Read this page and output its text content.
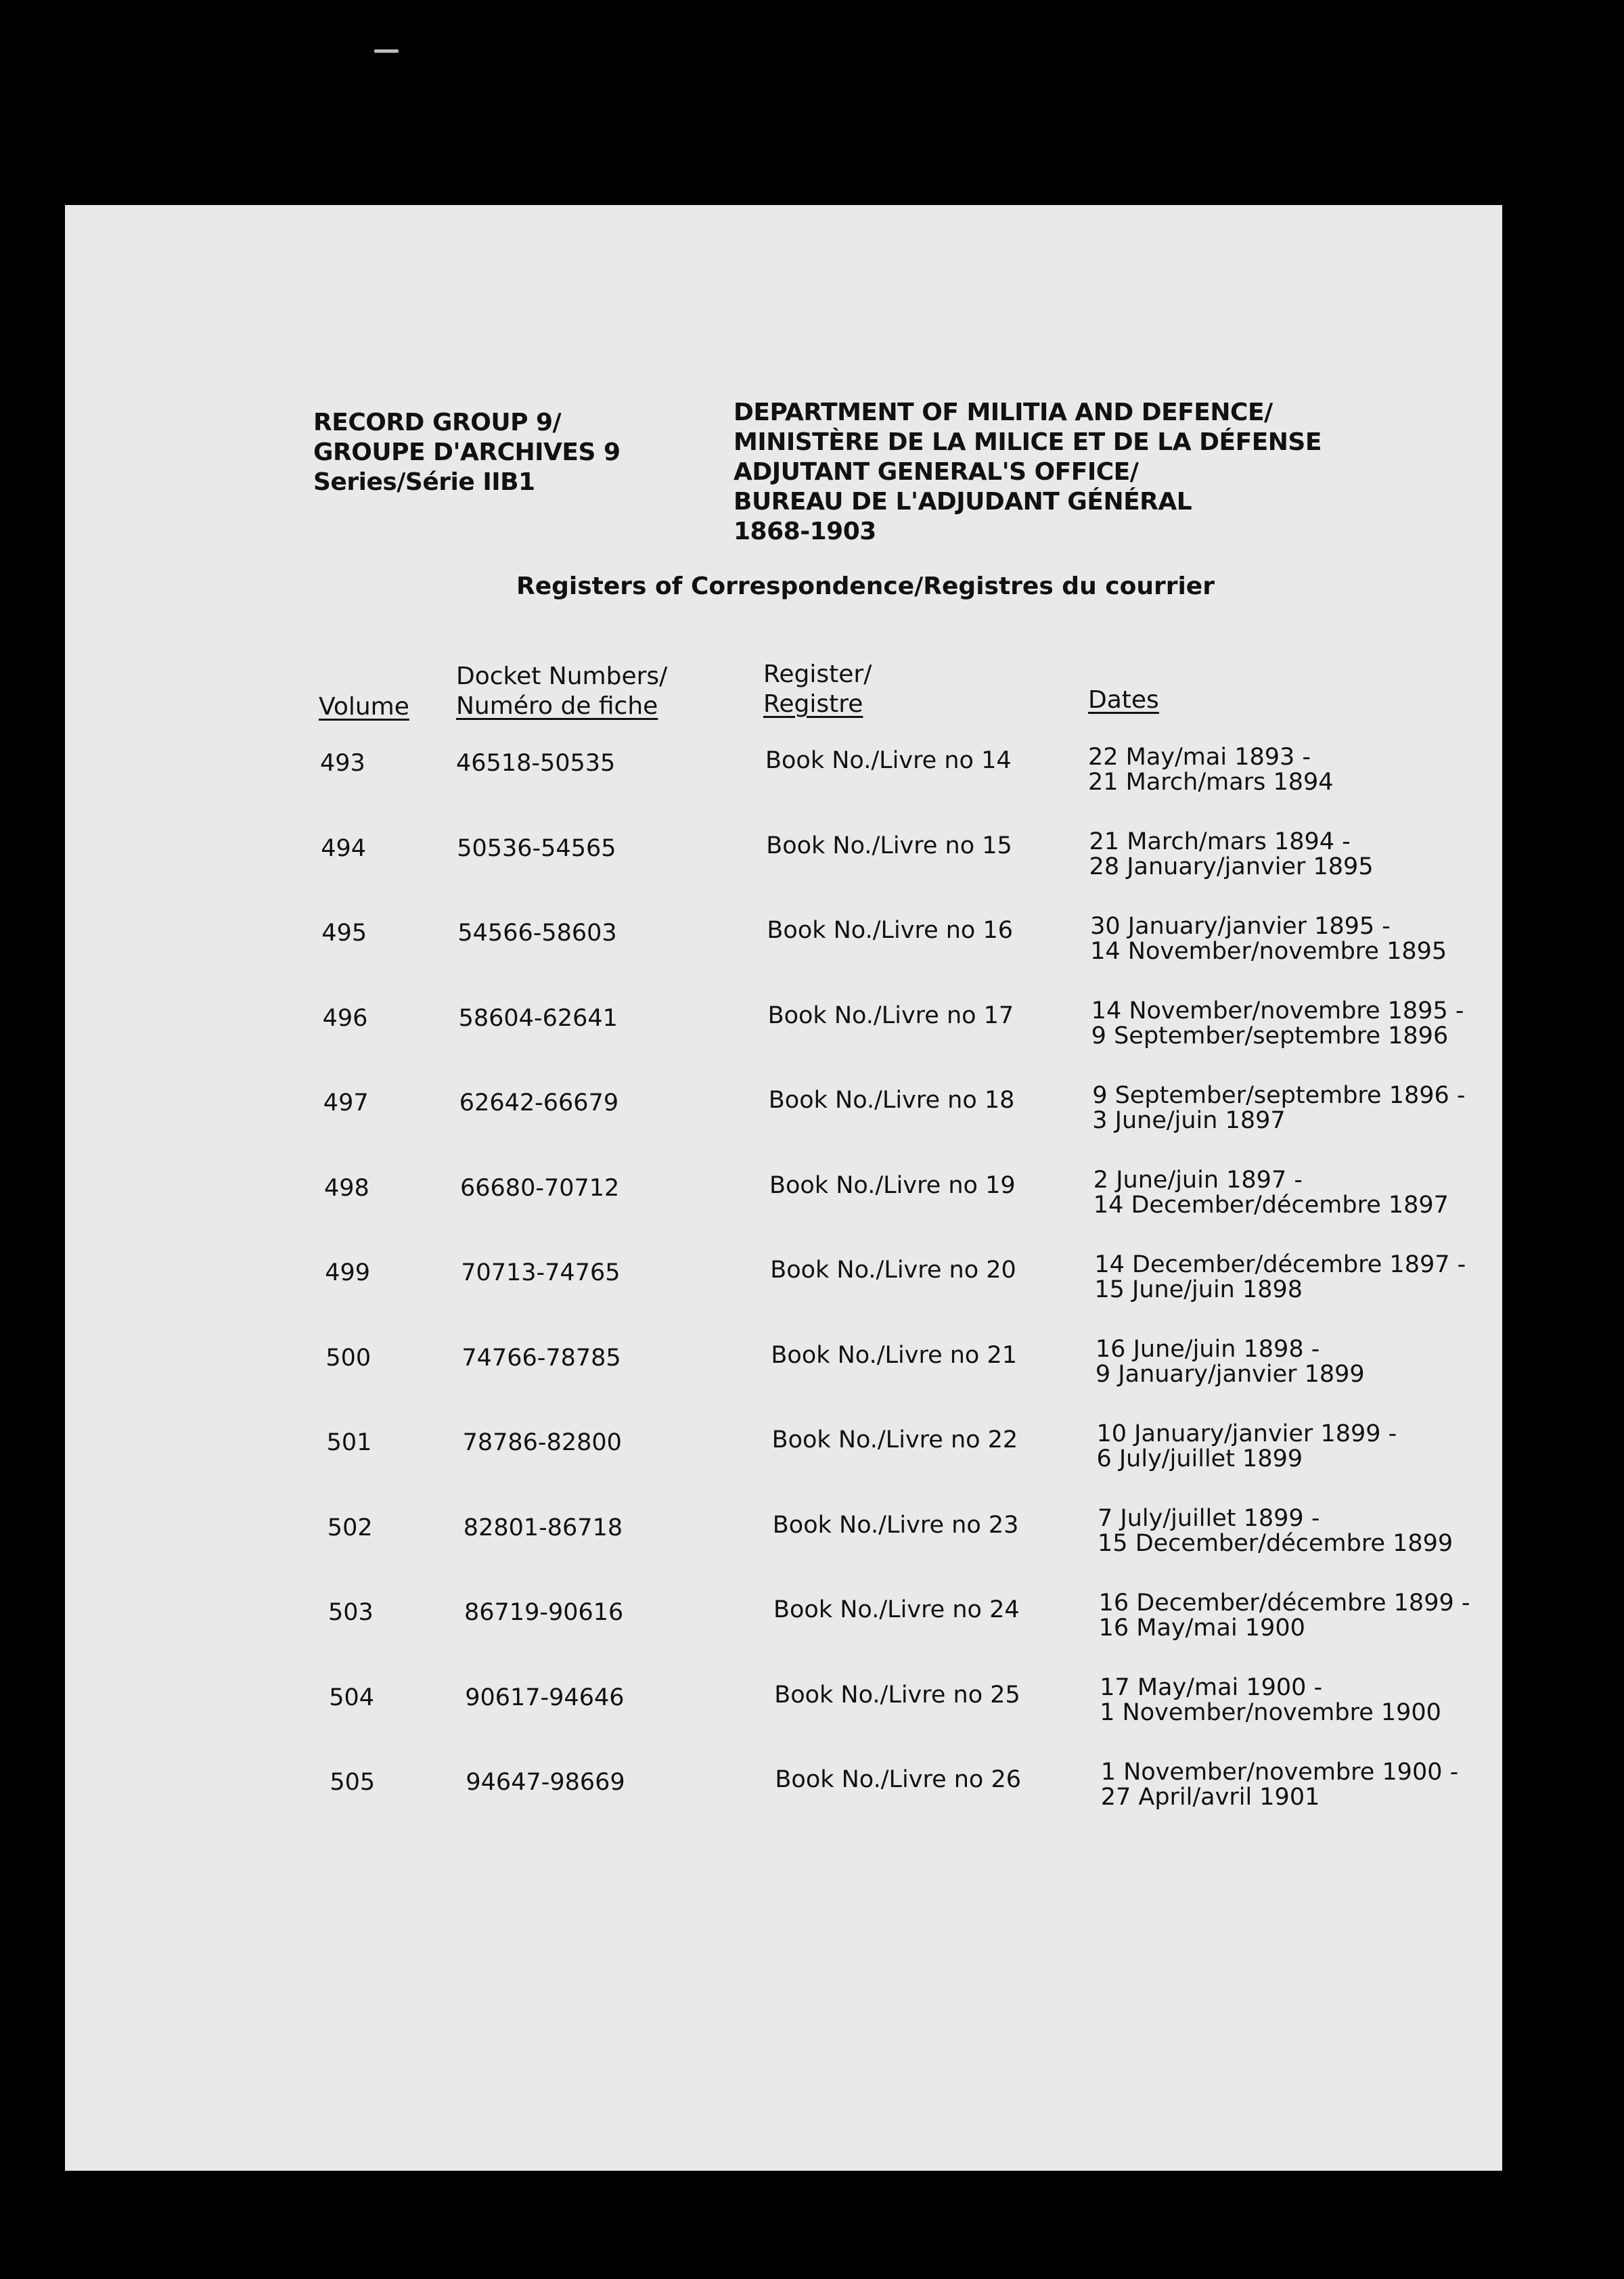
RECORD GROUP 9/
GROUPE D'ARCHIVES 9
Series/Série IIB1
DEPARTMENT OF MILITIA AND DEFENCE/
MINISTÈRE DE LA MILICE ET DE LA DÉFENSE
ADJUTANT GENERAL'S OFFICE/
BUREAU DE L'ADJUDANT GÉNÉRAL
1868-1903
Registers of Correspondence/Registres du courrier
Volume
Docket Numbers/
Numéro de fiche
Register/
Registre	Dates
493	46518-50535	Book No./Livre no 14	22 May/mai 1893 -
21 March/mars 1894
494	50536-54565	Book No./Livre no 15	21 March/mars 1894 -
28 January/janvier 1895
495	54566-58603	Book No./Livre no 16	30 January/janvier 1895 -
14 November/novembre 1895
496	58604-62641	Book No./Livre no 17	14 November/novembre 1895 -
9 September/septembre 1896
497	62642-66679	Book No./Livre no 18	9 September/septembre 1896 -
3 June/juin 1897
498	66680-70712	Book No./Livre no 19	2 June/juin 1897 -
14 December/décembre 1897
499	70713-74765	Book No./Livre no 20	14 December/décembre 1897 -
15 June/juin 1898
500	74766-78785	Book No./Livre no 21	16 June/juin 1898 -
9 January/janvier 1899
501	78786-82800	Book No./Livre no 22	10 January/janvier 1899 -
6 July/juillet 1899
502	82801-86718	Book No./Livre no 23	7 July/juillet 1899 -
15 December/décembre 1899
503	86719-90616	Book No./Livre no 24	16 December/décembre 1899 -
16 May/mai 1900
504	90617-94646	Book No./Livre no 25	17 May/mai 1900 -
1 November/novembre 1900
505	94647-98669	Book No./Livre no 26	1 November/novembre 1900 -
27 April/avril 1901
